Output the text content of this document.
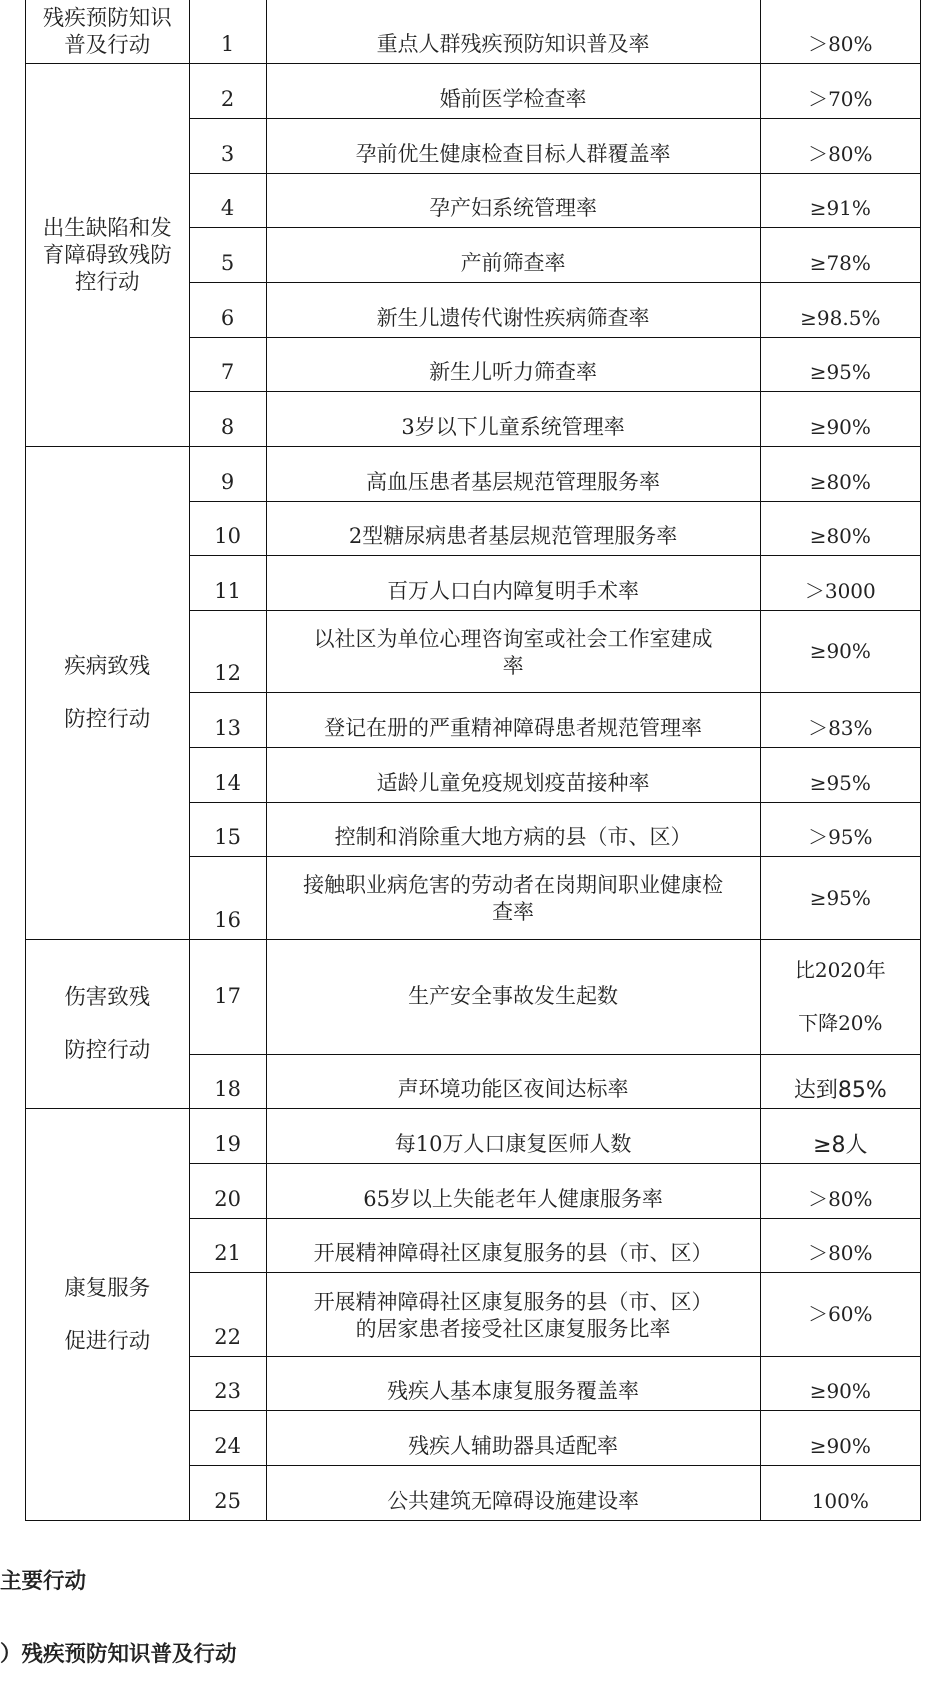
残疾预防知识
普及行动	1	重点人群残疾预防知识普及率	＞80%

出生缺陷和发
育障碍致残防
控行动	2	婚前医学检查率	＞70%
	3	孕前优生健康检查目标人群覆盖率	＞80%
	4	孕产妇系统管理率	≥91%
	5	产前筛查率	≥78%
	6	新生儿遗传代谢性疾病筛查率	≥98.5%
	7	新生儿听力筛查率	≥95%
	8	3岁以下儿童系统管理率	≥90%

疾病致残
防控行动	9	高血压患者基层规范管理服务率	≥80%
	10	2型糖尿病患者基层规范管理服务率	≥80%
	11	百万人口白内障复明手术率	＞3000
	12	以社区为单位心理咨询室或社会工作室建成
率	≥90%
	13	登记在册的严重精神障碍患者规范管理率	＞83%
	14	适龄儿童免疫规划疫苗接种率	≥95%
	15	控制和消除重大地方病的县（市、区）	＞95%
	16	接触职业病危害的劳动者在岗期间职业健康检
查率	≥95%

伤害致残
防控行动	17	生产安全事故发生起数	比2020年
下降20%

	18	声环境功能区夜间达标率	达到85%

康复服务
促进行动	19	每10万人口康复医师人数	≥8人
	20	65岁以上失能老年人健康服务率	＞80%
	21	开展精神障碍社区康复服务的县（市、区）	＞80%
	22	开展精神障碍社区康复服务的县（市、区）
的居家患者接受社区康复服务比率	＞60%
	23	残疾人基本康复服务覆盖率	≥90%
	24	残疾人辅助器具适配率	≥90%
	25	公共建筑无障碍设施建设率	100%
主要行动
）残疾预防知识普及行动
